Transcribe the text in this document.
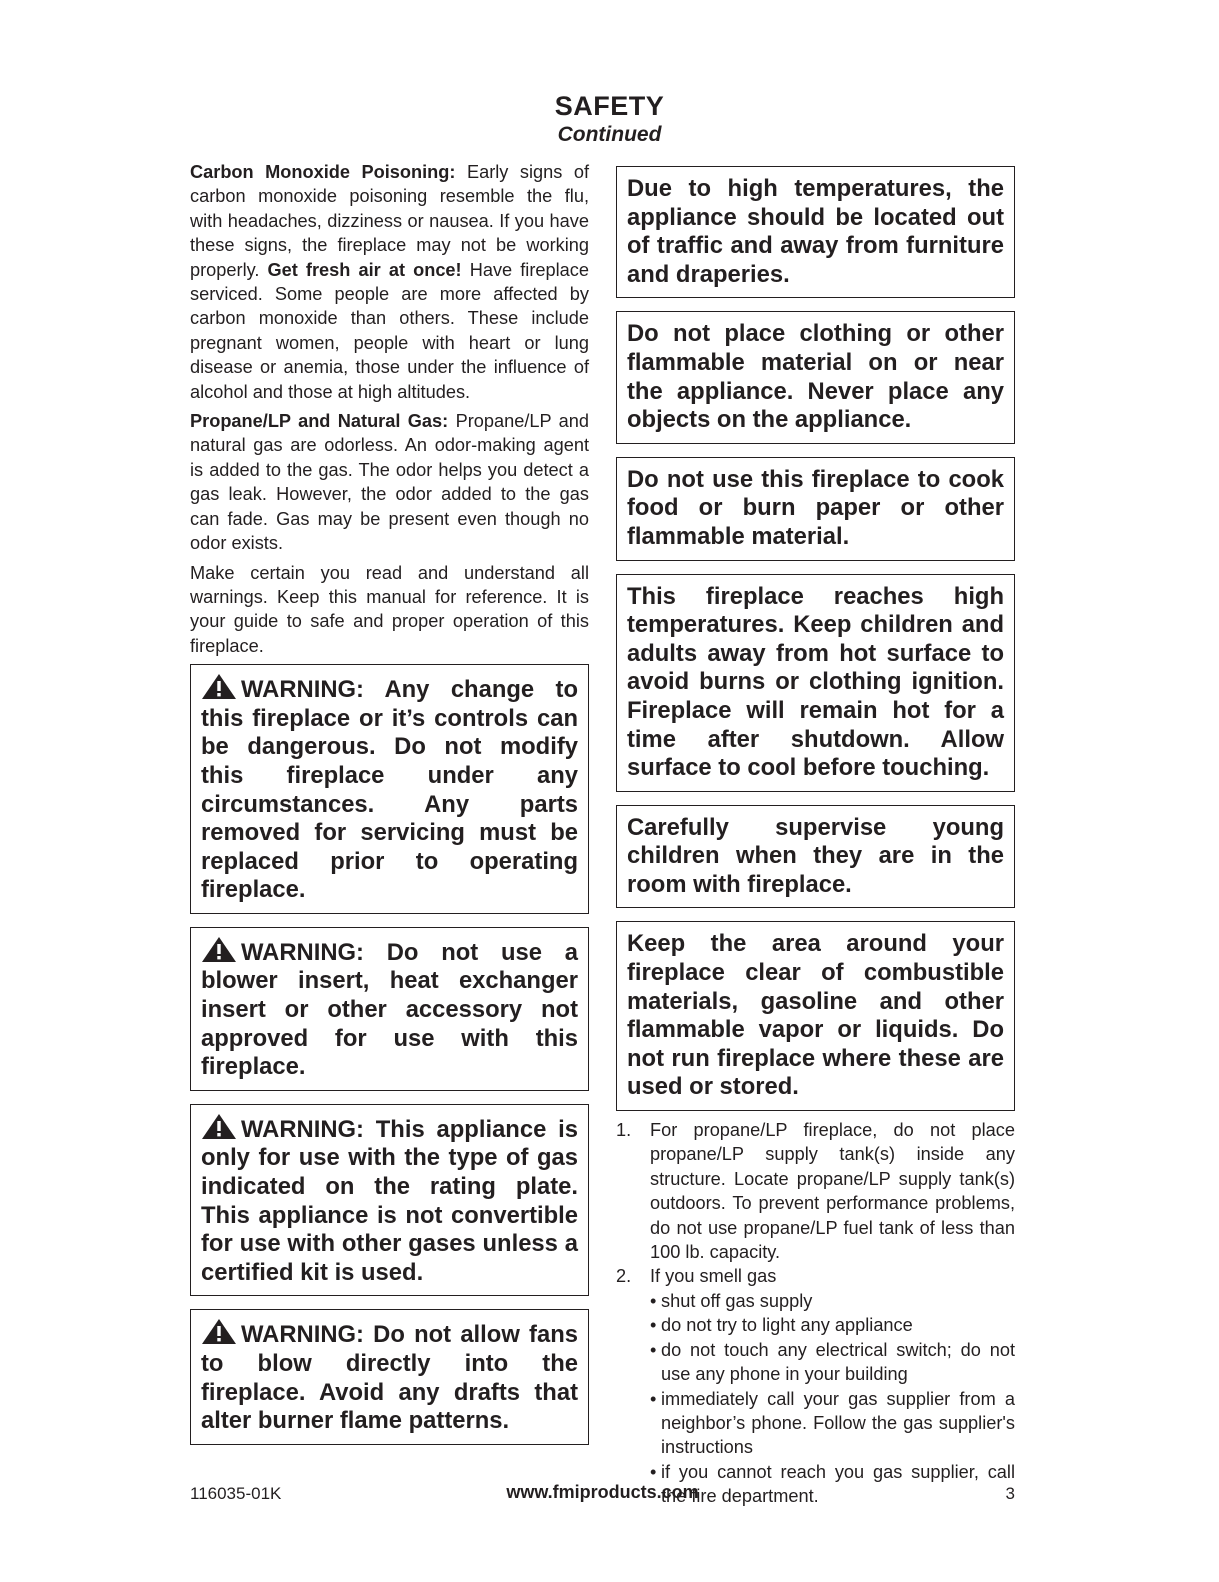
SAFETY
Continued

Carbon Monoxide Poisoning: Early signs of carbon monoxide poisoning resemble the flu, with headaches, dizziness or nausea. If you have these signs, the fireplace may not be working properly. Get fresh air at once! Have fireplace serviced. Some people are more affected by carbon monoxide than others. These include pregnant women, people with heart or lung disease or anemia, those under the influence of alcohol and those at high altitudes.

Propane/LP and Natural Gas: Propane/LP and natural gas are odorless. An odor-making agent is added to the gas. The odor helps you detect a gas leak. However, the odor added to the gas can fade. Gas may be present even though no odor exists.

Make certain you read and understand all warnings. Keep this manual for reference. It is your guide to safe and proper operation of this fireplace.

WARNING: Any change to this fireplace or it’s controls can be dangerous. Do not modify this fireplace under any circumstances. Any parts removed for servicing must be replaced prior to operating fireplace.
WARNING: Do not use a blower insert, heat exchanger insert or other accessory not approved for use with this fireplace.
WARNING: This appliance is only for use with the type of gas indicated on the rating plate. This appliance is not convertible for use with other gases unless a certified kit is used.
WARNING: Do not allow fans to blow directly into the fireplace. Avoid any drafts that alter burner flame patterns.
Due to high temperatures, the appliance should be located out of traffic and away from furniture and draperies.
Do not place clothing or other flammable material on or near the appliance. Never place any objects on the appliance.
Do not use this fireplace to cook food or burn paper or other flammable material.
This fireplace reaches high temperatures. Keep children and adults away from hot surface to avoid burns or clothing ignition. Fireplace will remain hot for a time after shutdown. Allow surface to cool before touching.
Carefully supervise young children when they are in the room with fireplace.
Keep the area around your fireplace clear of combustible materials, gasoline and other flammable vapor or liquids. Do not run fireplace where these are used or stored.
1.	For propane/LP fireplace, do not place propane/LP supply tank(s) inside any structure. Locate propane/LP supply tank(s) outdoors. To prevent performance problems, do not use propane/LP fuel tank of less than 100 lb. capacity.
2.	If you smell gas
• shut off gas supply
• do not try to light any appliance
• do not touch any electrical switch; do not use any phone in your building
• immediately call your gas supplier from a neighbor’s phone. Follow the gas supplier's instructions
• if you cannot reach you gas supplier, call the fire department.
116035-01K	www.fmiproducts.com	3
